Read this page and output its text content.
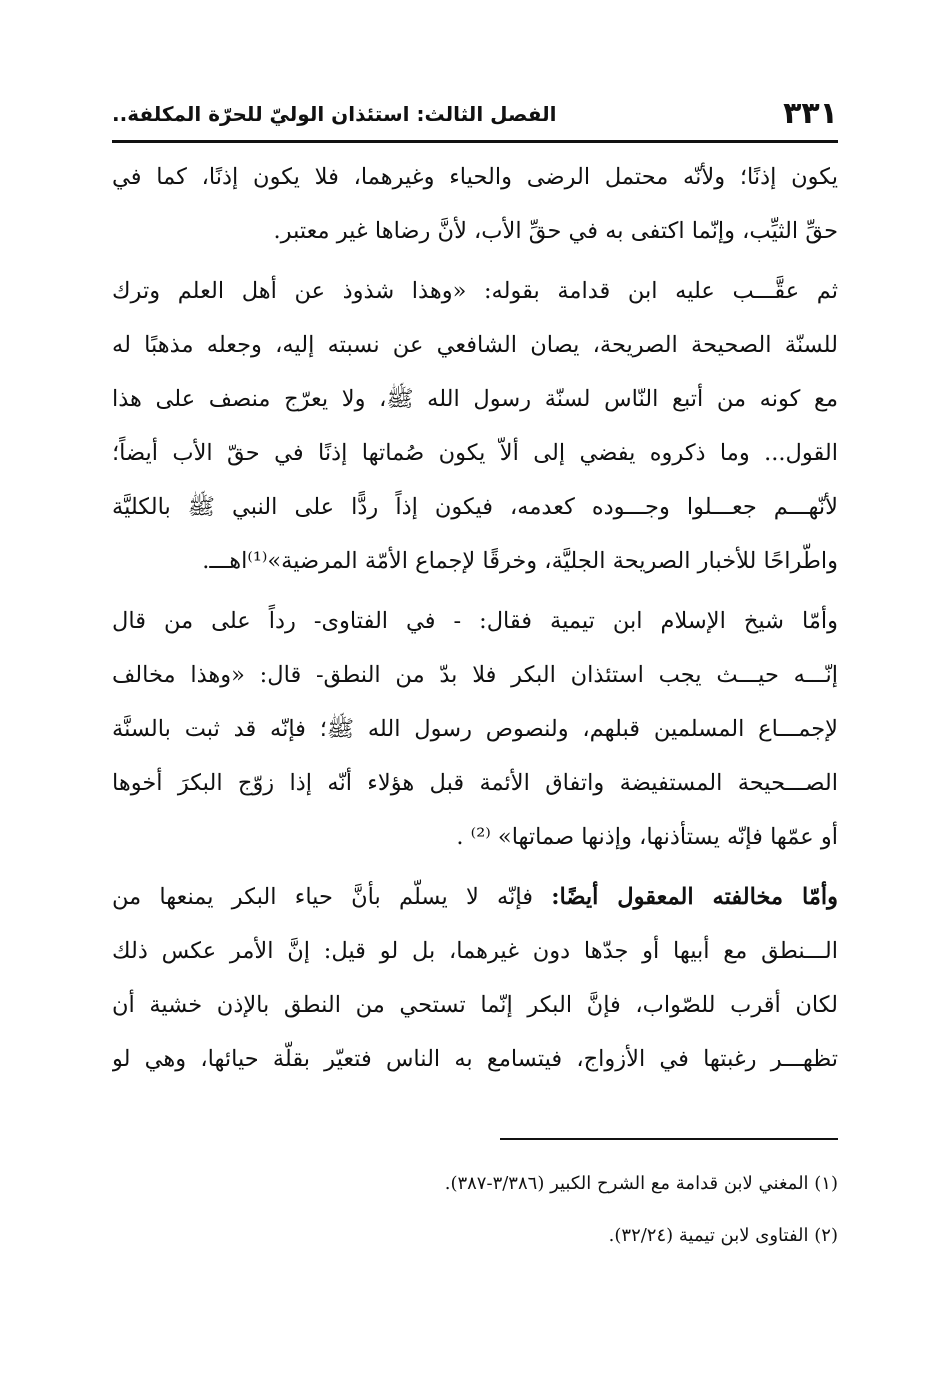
٣٣١
الفصل الثالث: استئذان الوليّ للحرّة المكلفة..
يكون إذنًا؛ ولأنّه محتمل الرضى والحياء وغيرهما، فلا يكون إذنًا، كما في
حقِّ الثيِّب، وإنّما اكتفى به في حقِّ الأب، لأنَّ رضاها غير معتبر.
ثم عقَّـــب عليه ابن قدامة بقوله: «وهذا شذوذ عن أهل العلم وترك
للسنّة الصحيحة الصريحة، يصان الشافعي عن نسبته إليه، وجعله مذهبًا له
مع كونه من أتبع النّاس لسنّة رسول الله ﷺ، ولا يعرّج منصف على هذا
القول... وما ذكروه يفضي إلى ألاّ يكون صُماتها إذنًا في حقّ الأب أيضاً؛
لأنّهـــم جعـــلوا وجـــوده كعدمه، فيكون إذاً ردًّا على النبي ﷺ بالكليَّة
واطّراحًا للأخبار الصريحة الجليَّة، وخرقًا لإجماع الأمّة المرضية»⁽¹⁾اهـــ.
وأمّا شيخ الإسلام ابن تيمية فقال: - في الفتاوى- رداً على من قال
إنّـــه حيـــث يجب استئذان البكر فلا بدّ من النطق- قال: «وهذا مخالف
لإجمـــاع المسلمين قبلهم، ولنصوص رسول الله ﷺ؛ فإنّه قد ثبت بالسنَّة
الصـــحيحة المستفيضة واتفاق الأئمة قبل هؤلاء أنّه إذا زوّج البكرَ أخوها
أو عمّها فإنّه يستأذنها، وإذنها صماتها» ⁽²⁾ .
وأمّا مخالفته المعقول أيضًا: فإنّه لا يسلّم بأنَّ حياء البكر يمنعها من
الـــنطق مع أبيها أو جدّها دون غيرهما، بل لو قيل: إنَّ الأمر عكس ذلك
لكان أقرب للصّواب، فإنَّ البكر إنّما تستحي من النطق بالإذن خشية أن
تظهـــر رغبتها في الأزواج، فيتسامع به الناس فتعيّر بقلّة حيائها، وهي لو
(١) المغني لابن قدامة مع الشرح الكبير (٣/٣٨٦-٣٨٧).
(٢) الفتاوى لابن تيمية (٣٢/٢٤).
